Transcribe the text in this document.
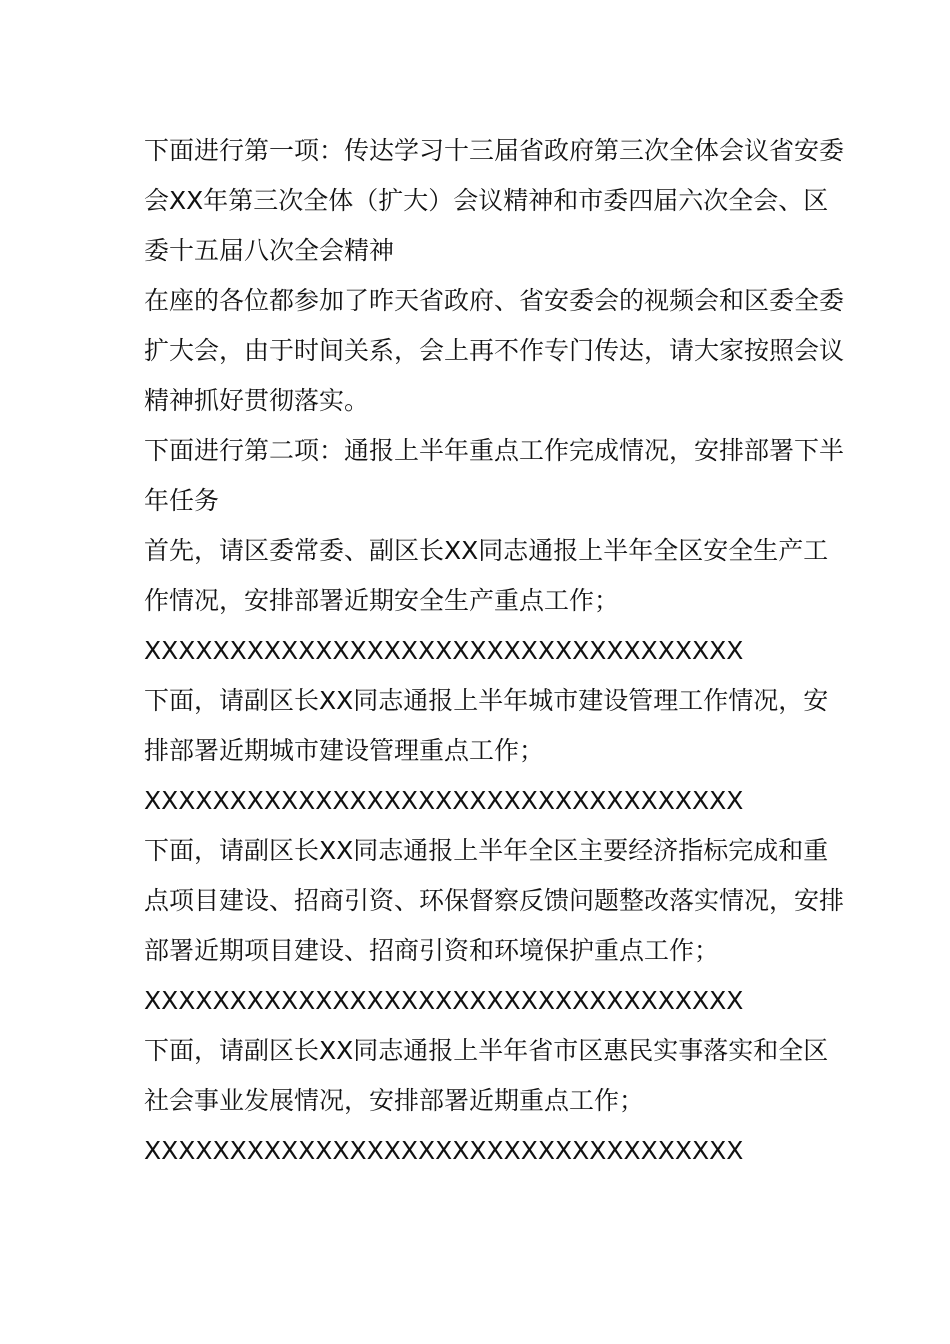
下面进行第一项：传达学习十三届省政府第三次全体会议省安委会XX年第三次全体（扩大）会议精神和市委四届六次全会、区委十五届八次全会精神

在座的各位都参加了昨天省政府、省安委会的视频会和区委全委扩大会，由于时间关系，会上再不作专门传达，请大家按照会议精神抓好贯彻落实。

下面进行第二项：通报上半年重点工作完成情况，安排部署下半年任务

首先，请区委常委、副区长XX同志通报上半年全区安全生产工作情况，安排部署近期安全生产重点工作；

XXXXXXXXXXXXXXXXXXXXXXXXXXXXXXXXXXX

下面，请副区长XX同志通报上半年城市建设管理工作情况，安排部署近期城市建设管理重点工作；

XXXXXXXXXXXXXXXXXXXXXXXXXXXXXXXXXXX

下面，请副区长XX同志通报上半年全区主要经济指标完成和重点项目建设、招商引资、环保督察反馈问题整改落实情况，安排部署近期项目建设、招商引资和环境保护重点工作；

XXXXXXXXXXXXXXXXXXXXXXXXXXXXXXXXXXX

下面，请副区长XX同志通报上半年省市区惠民实事落实和全区社会事业发展情况，安排部署近期重点工作；

XXXXXXXXXXXXXXXXXXXXXXXXXXXXXXXXXXX
